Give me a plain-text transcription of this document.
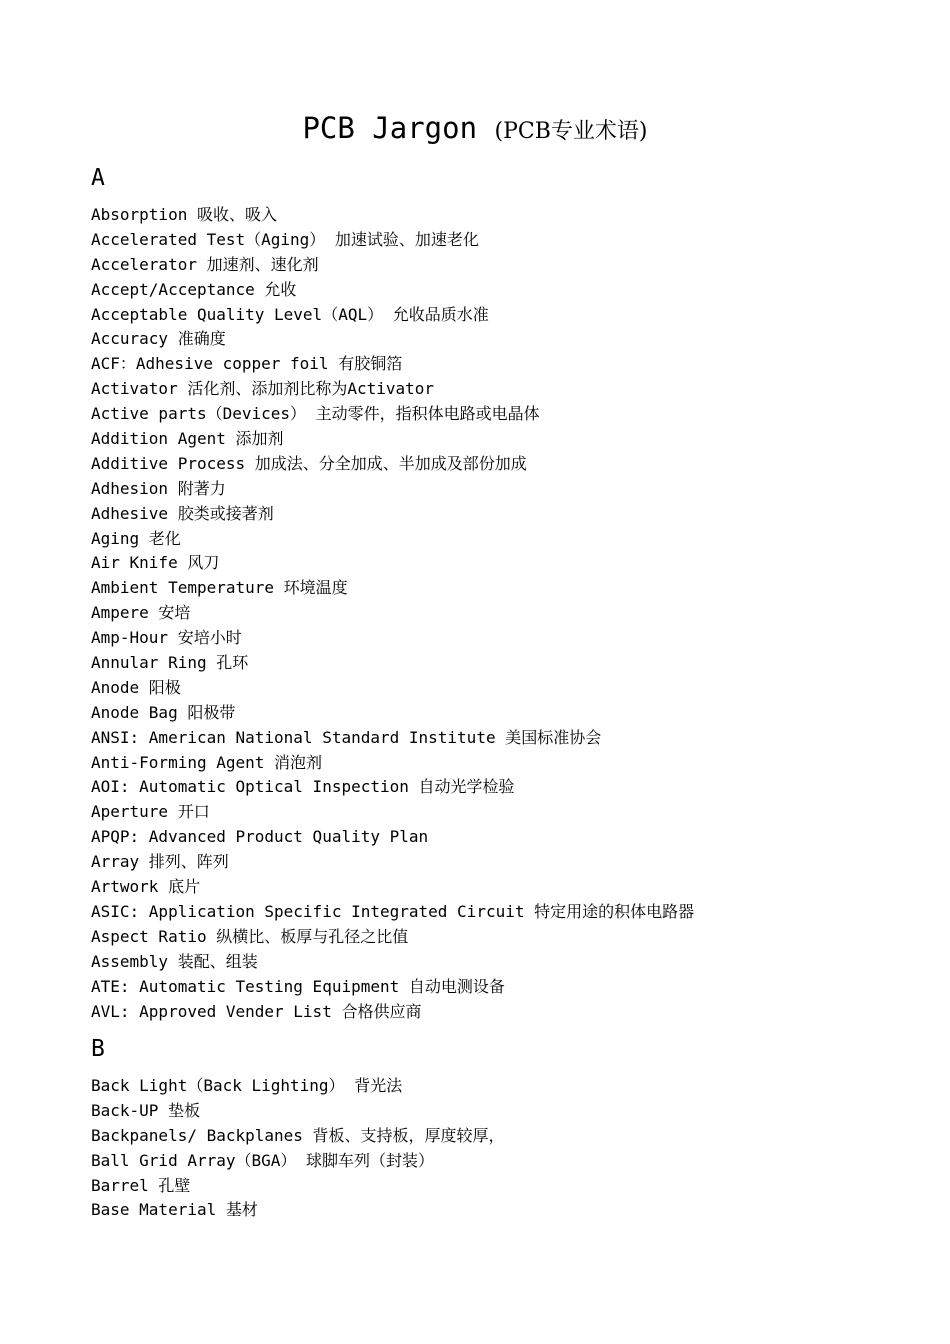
PCB Jargon (PCB专业术语)
A
Absorption 吸收、吸入
Accelerated Test（Aging） 加速试验、加速老化
Accelerator 加速剂、速化剂
Accept/Acceptance 允收
Acceptable Quality Level（AQL） 允收品质水准
Accuracy 准确度
ACF：Adhesive copper foil 有胶铜箔
Activator 活化剂、添加剂比称为Activator
Active parts（Devices） 主动零件，指积体电路或电晶体
Addition Agent 添加剂
Additive Process 加成法、分全加成、半加成及部份加成
Adhesion 附著力
Adhesive 胶类或接著剂
Aging 老化
Air Knife 风刀
Ambient Temperature 环境温度
Ampere 安培
Amp-Hour 安培小时
Annular Ring 孔环
Anode 阳极
Anode Bag 阳极带
ANSI: American National Standard Institute 美国标准协会
Anti-Forming Agent 消泡剂
AOI: Automatic Optical Inspection 自动光学检验
Aperture 开口
APQP: Advanced Product Quality Plan
Array 排列、阵列
Artwork 底片
ASIC: Application Specific Integrated Circuit 特定用途的积体电路器
Aspect Ratio 纵横比、板厚与孔径之比值
Assembly 装配、组装
ATE: Automatic Testing Equipment 自动电测设备
AVL: Approved Vender List 合格供应商
B
Back Light（Back Lighting） 背光法
Back-UP 垫板
Backpanels/ Backplanes 背板、支持板，厚度较厚，
Ball Grid Array（BGA） 球脚车列（封装）
Barrel 孔壁
Base Material 基材
